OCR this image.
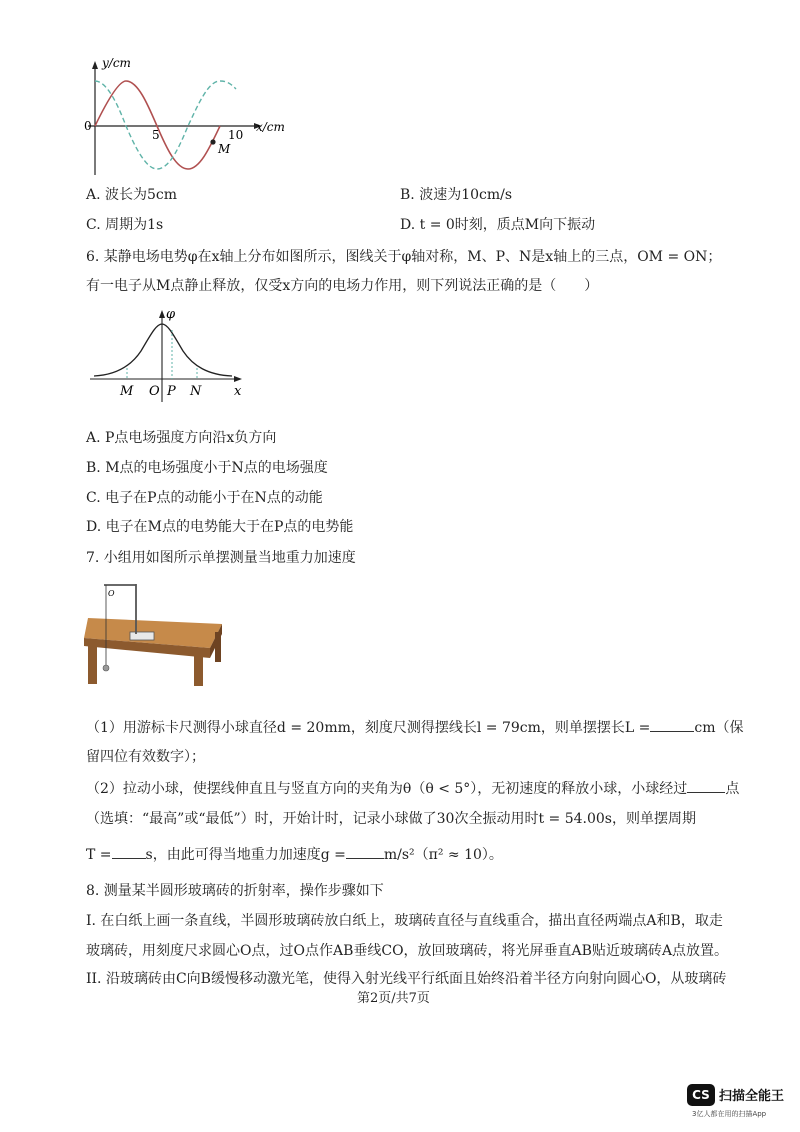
y/cm
x/cm
0
5	10
M
A. 波长为5cm	B. 波速为10cm/s
C. 周期为1s	D. t = 0时刻，质点M向下振动
6. 某静电场电势φ在x轴上分布如图所示，图线关于φ轴对称，M、P、N是x轴上的三点，OM = ON；
有一电子从M点静止释放，仅受x方向的电场力作用，则下列说法正确的是（　　）
φ
M O P N	x
A. P点电场强度方向沿x负方向
B. M点的电场强度小于N点的电场强度
C. 电子在P点的动能小于在N点的动能
D. 电子在M点的电势能大于在P点的电势能
7. 小组用如图所示单摆测量当地重力加速度
O
（1）用游标卡尺测得小球直径d = 20mm，刻度尺测得摆线长l = 79cm，则单摆摆长L =	cm（保
留四位有效数字）；
（2）拉动小球，使摆线伸直且与竖直方向的夹角为θ（θ < 5°），无初速度的释放小球，小球经过	点
（选填：“最高”或“最低”）时，开始计时，记录小球做了30次全振动用时t = 54.00s，则单摆周期
T = s，由此可得当地重力加速度g =	m/s²（π² ≈ 10）。
8. 测量某半圆形玻璃砖的折射率，操作步骤如下
I. 在白纸上画一条直线，半圆形玻璃砖放白纸上，玻璃砖直径与直线重合，描出直径两端点A和B，取走
玻璃砖，用刻度尺求圆心O点，过O点作AB垂线CO，放回玻璃砖，将光屏垂直AB贴近玻璃砖A点放置。
II. 沿玻璃砖由C向B缓慢移动激光笔，使得入射光线平行纸面且始终沿着半径方向射向圆心O，从玻璃砖
第2页/共7页
CS 扫描全能王
3亿人都在用的扫描App
